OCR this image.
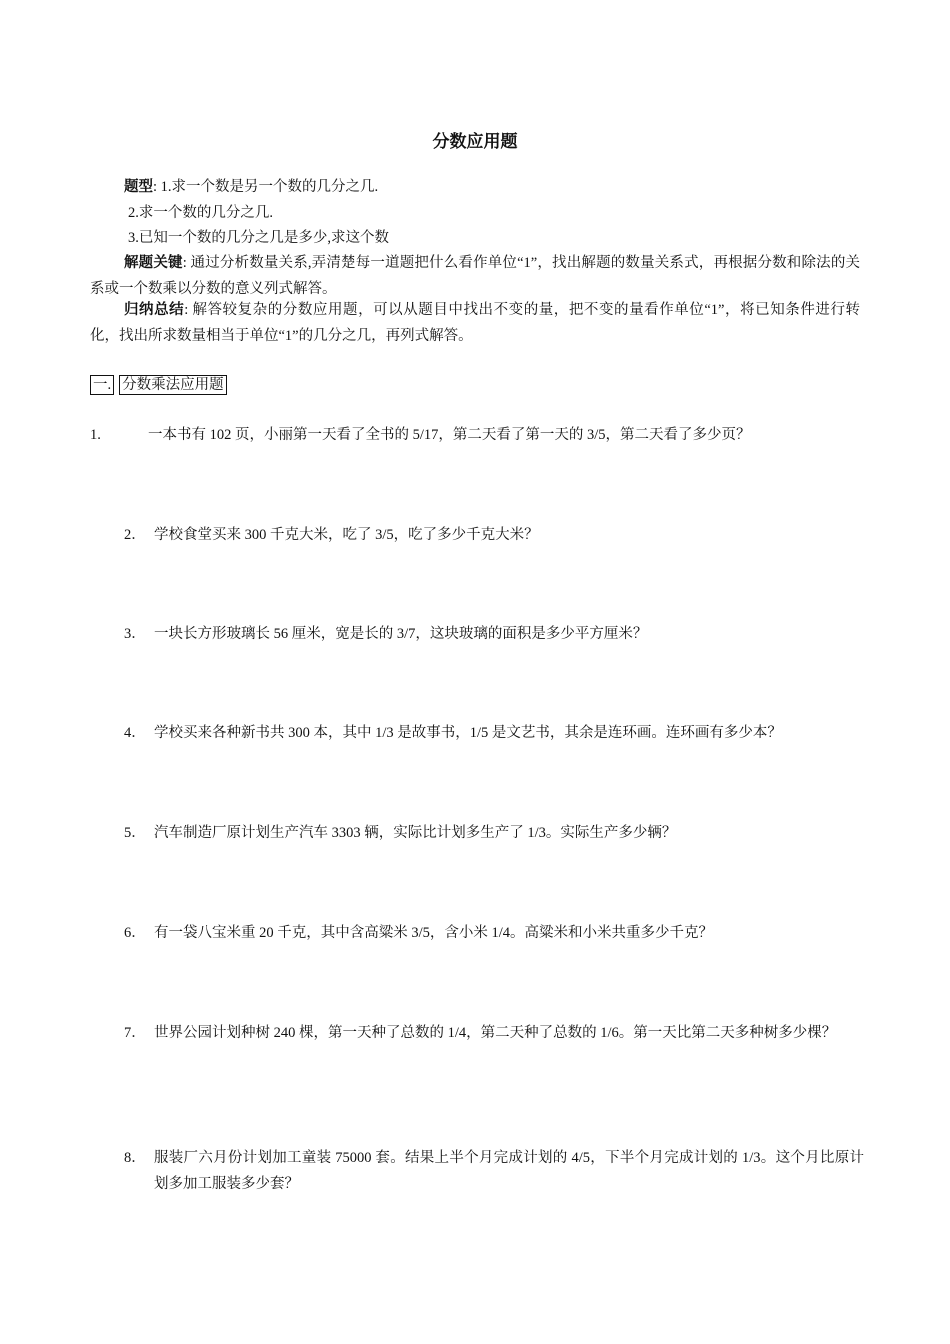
分数应用题
题型: 1.求一个数是另一个数的几分之几.
2.求一个数的几分之几.
3.已知一个数的几分之几是多少,求这个数
解题关键: 通过分析数量关系,弄清楚每一道题把什么看作单位“1”，找出解题的数量关系式，再根据分数和除法的关系或一个数乘以分数的意义列式解答。
归纳总结: 解答较复杂的分数应用题，可以从题目中找出不变的量，把不变的量看作单位“1”，将已知条件进行转化，找出所求数量相当于单位“1”的几分之几，再列式解答。
一. 分数乘法应用题
1.	一本书有 102 页，小丽第一天看了全书的 5/17，第二天看了第一天的 3/5，第二天看了多少页？
2． 学校食堂买来 300 千克大米，吃了 3/5，吃了多少千克大米？
3． 一块长方形玻璃长 56 厘米，宽是长的 3/7，这块玻璃的面积是多少平方厘米？
4． 学校买来各种新书共 300 本，其中 1/3 是故事书，1/5 是文艺书，其余是连环画。连环画有多少本？
5． 汽车制造厂原计划生产汽车 3303 辆，实际比计划多生产了 1/3。实际生产多少辆？
6． 有一袋八宝米重 20 千克，其中含高粱米 3/5，含小米 1/4。高粱米和小米共重多少千克？
7． 世界公园计划种树 240 棵，第一天种了总数的 1/4，第二天种了总数的 1/6。第一天比第二天多种树多少棵？
8． 服装厂六月份计划加工童装 75000 套。结果上半个月完成计划的 4/5，下半个月完成计划的 1/3。这个月比原计划多加工服装多少套？
